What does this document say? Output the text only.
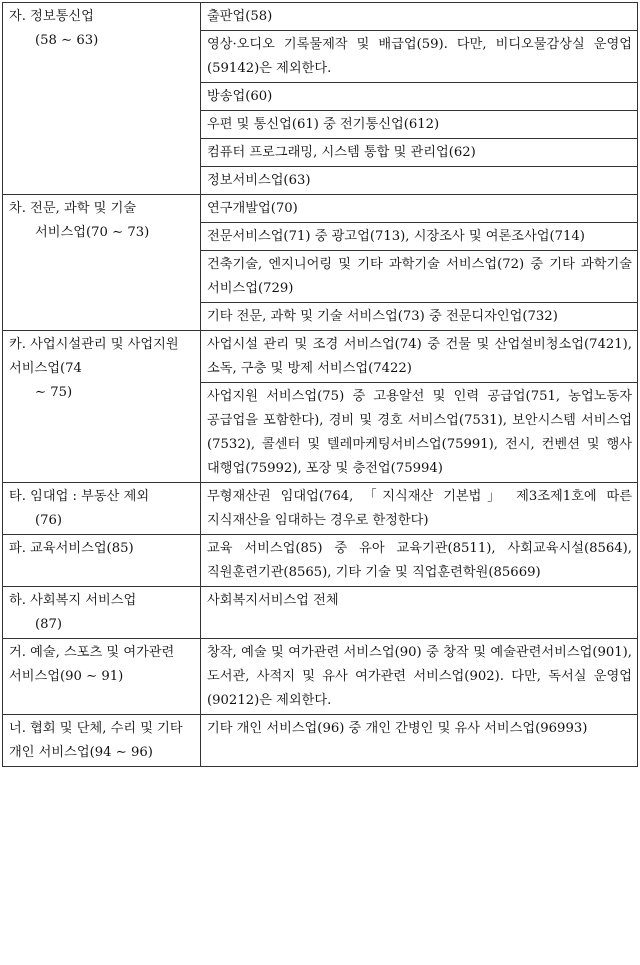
자. 정보통신업
(58 ∼ 63)	출판업(58)
	영상·오디오 기록물제작 및 배급업(59). 다만, 비디오물감상실 운영업(59142)은 제외한다.
	방송업(60)
	우편 및 통신업(61) 중 전기통신업(612)
	컴퓨터 프로그래밍, 시스템 통합 및 관리업(62)
	정보서비스업(63)

차. 전문, 과학 및 기술
서비스업(70 ∼ 73)	연구개발업(70)
	전문서비스업(71) 중 광고업(713), 시장조사 및 여론조사업(714)
	건축기술, 엔지니어링 및 기타 과학기술 서비스업(72) 중 기타 과학기술 서비스업(729)
	기타 전문, 과학 및 기술 서비스업(73) 중 전문디자인업(732)

카. 사업시설관리 및 사업지원 서비스업(74
∼ 75)	사업시설 관리 및 조경 서비스업(74) 중 건물 및 산업설비청소업(7421), 소독, 구충 및 방제 서비스업(7422)
	사업지원 서비스업(75) 중 고용알선 및 인력 공급업(751, 농업노동자 공급업을 포함한다), 경비 및 경호 서비스업(7531), 보안시스템 서비스업(7532), 콜센터 및 텔레마케팅서비스업(75991), 전시, 컨벤션 및 행사 대행업(75992), 포장 및 충전업(75994)

타. 임대업 : 부동산 제외
(76)	무형재산권 임대업(764, 「지식재산 기본법」 제3조제1호에 따른 지식재산을 임대하는 경우로 한정한다)

파. 교육서비스업(85)	교육 서비스업(85) 중 유아 교육기관(8511), 사회교육시설(8564), 직원훈련기관(8565), 기타 기술 및 직업훈련학원(85669)

하. 사회복지 서비스업
(87)	사회복지서비스업 전체

거. 예술, 스포츠 및 여가관련 서비스업(90 ∼ 91)	창작, 예술 및 여가관련 서비스업(90) 중 창작 및 예술관련서비스업(901), 도서관, 사적지 및 유사 여가관련 서비스업(902). 다만, 독서실 운영업(90212)은 제외한다.

너. 협회 및 단체, 수리 및 기타 개인 서비스업(94 ∼ 96)	기타 개인 서비스업(96) 중 개인 간병인 및 유사 서비스업(96993)
